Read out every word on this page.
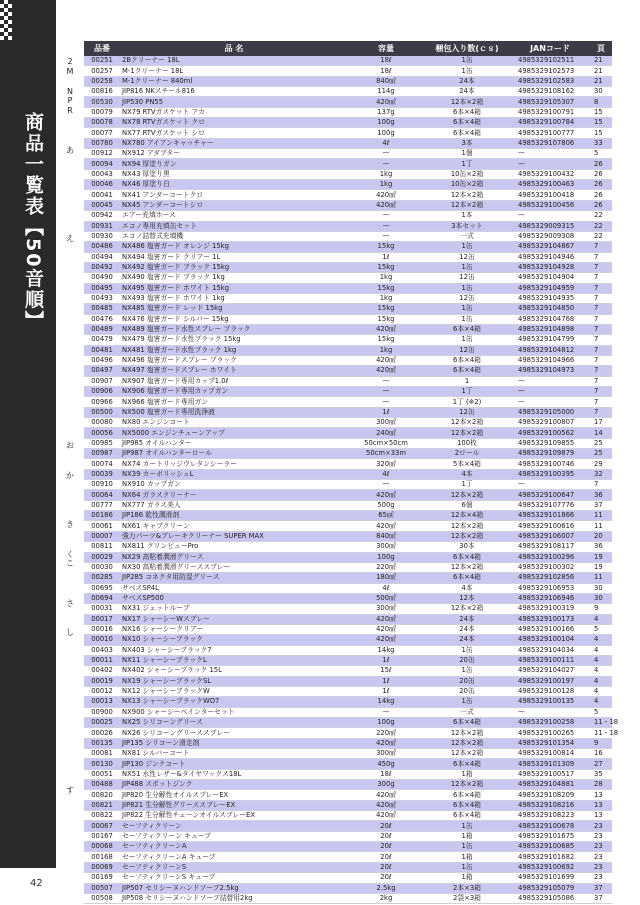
商品一覧表【50音順】
2
M
N
P
R
あ
え
お
か
き
く
こ
さ
し
す
品番	品 名	容量	梱包入り数(ｃｓ)	JANコード	頁
00251	2Bクリーナー 18L	18ℓ	1缶	4985329102511	21
00257	M-1クリーナー 18L	18ℓ	1缶	4985329102573	21
00258	M-1クリーナー 840ml	840㎖	24本	4985329102583	21
00816	JIP816 NKスチール816	114g	24本	4985329108162	30
00530	JIP530 PN55	420㎖	12本×2箱	4985329105307	8
00079	NX79 RTVガスケット アカ	137g	6本×4箱	4985329100791	15
00078	NX78 RTVガスケット クロ	100g	6本×4箱	4985329100784	15
00077	NX77 RTVガスケット シロ	100g	6本×4箱	4985329100777	15
00780	NX780 アイアンキャッチャー	4ℓ	3本	4985329107806	33
00912	NX912 アダプター	—	1個	—	5
00094	NX94 厚塗りガン	—	1丁	—	26
00043	NX43 厚塗り黒	1kg	10缶×2箱	4985329100432	26
00046	NX46 厚塗り白	1kg	10缶×2箱	4985329100463	26
00041	NX41 アンダーコートクロ	420㎖	12本×2箱	4985329100418	26
00045	NX45 アンダーコートシロ	420㎖	12本×2箱	4985329100456	26
00942	エアー充填ホース	—	1本	—	22
00931	エコノ専用充填缶セット	—	3本セット	4985329009315	22
00930	エコノ詰替式充填機	—	一式	4985329009308	22
00486	NX486 塩害ガード オレンジ 15kg	15kg	1缶	4985329104867	7
00494	NX494 塩害ガード クリアー 1L	1ℓ	12缶	4985329104946	7
00492	NX492 塩害ガード ブラック 15kg	15kg	1缶	4985329104928	7
00490	NX490 塩害ガード ブラック 1kg	1kg	12缶	4985329104904	7
00495	NX495 塩害ガード ホワイト 15kg	15kg	1缶	4985329104959	7
00493	NX493 塩害ガード ホワイト 1kg	1kg	12缶	4985329104935	7
00485	NX485 塩害ガード レッド 15kg	15kg	1缶	4985329104850	7
00476	NX476 塩害ガード シルバー 15kg	15kg	1缶	4985329104768	7
00489	NX489 塩害ガード水性スプレー ブラック	420㎖	6本×4箱	4985329104898	7
00479	NX479 塩害ガード水性ブラック 15kg	15kg	1缶	4985329104799	7
00481	NX481 塩害ガード水性ブラック 1kg	1kg	12缶	4985329104812	7
00496	NX496 塩害ガードスプレー ブラック	420㎖	6本×4箱	4985329104966	7
00497	NX497 塩害ガードスプレー ホワイト	420㎖	6本×4箱	4985329104973	7
00907	NX907 塩害ガード専用カップ1.0ℓ	—	1	—	7
00906	NX906 塩害ガード専用カップガン	—	1丁	—	7
00966	NX966 塩害ガード専用ガン	—	1丁 (※2)	—	7
00500	NX500 塩害ガード専用洗浄液	1ℓ	12缶	4985329105000	7
00080	NX80 エンジンコート	300㎖	12本×2箱	4985329100807	17
00056	NX5000 エンジンチューンアップ	240㎖	12本×2箱	4985329100562	14
00985	JIP985 オイルハンター	50cm×50cm	100枚	4985329109855	25
00987	JIP987 オイルハンターロール	50cm×33m	2ロール	4985329109879	25
00074	NX74 カートリッジウレタンシーラー	320㎖	5本×4箱	4985329100746	29
00039	NX39 カーボリッシュL	4ℓ	4本	4985329100395	32
00910	NX910 カップガン	—	1丁	—	7
00064	NX64 ガラスクリーナー	420㎖	12本×2箱	4985329100647	36
00777	NX777 ガラス美人	500g	6個	4985329107776	37
00186	JIP186 乾性潤滑剤	65㎖	12本×4箱	4985329101866	11
00061	NX61 キャブクリーン	420㎖	12本×2箱	4985329100616	11
00007	強力パーツ&ブレーキクリーナー SUPER MAX	840㎖	12本×2箱	4985329106007	20
00811	NX811 クリンピューPro	300㎖	30本	4985329108117	36
00029	NX29 高粘着潤滑グリース	100g	6本×4箱	4985329100296	19
00030	NX30 高粘着潤滑グリーススプレー	220㎖	12本×2箱	4985329100302	19
00285	JIP285 コネクタ用防湿グリース	180㎖	6本×4箱	4985329102856	11
00695	サベスSP4L	4ℓ	4本	4985329106953	30
00694	サベスSP500	500㎖	12本	4985329106946	30
00031	NX31 ジェットルーブ	300㎖	12本×2箱	4985329100319	9
00017	NX17 シャーシーWスプレー	420㎖	24本	4985329100173	4
00016	NX16 シャーシークリアー	420㎖	24本	4985329100166	5
00010	NX10 シャーシーブラック	420㎖	24本	4985329100104	4
00403	NX403 シャーシーブラック7	14kg	1缶	4985329104034	4
00011	NX11 シャーシーブラックL	1ℓ	20缶	4985329100111	4
00402	NX402 シャーシーブラック 15L	15ℓ	1缶	4985329104027	4
00019	NX19 シャーシーブラックSL	1ℓ	20缶	4985329100197	4
00012	NX12 シャーシーブラックW	1ℓ	20缶	4985329100128	4
00013	NX13 シャーシーブラックWO7	14kg	1缶	4985329100135	4
00900	NX900 シャーシーペインターセット	—	一式	—	5
00025	NX25 シリコーングリース	100g	6本×4箱	4985329100258	11・18
00026	NX26 シリコーングリーススプレー	220㎖	12本×2箱	4985329100265	11・18
00135	JIP135 シリコーン滑走剤	420㎖	12本×2箱	4985329101354	9
00081	NX81 シルバーコート	300㎖	12本×2箱	4985329100814	16
00130	JIP130 ジンクコート	450g	6本×4箱	4985329101309	27
00051	NX51 水性レザー&タイヤワックス18L	18ℓ	1箱	4985329100517	35
00488	JIP488 スポットジンク	300g	12本×2箱	4985329104881	28
00820	JIP820 生分解性オイルスプレーEX	420㎖	6本×4箱	4985329108209	13
00821	JIP821 生分解性グリーススプレーEX	420㎖	6本×4箱	4985329108216	13
00822	JIP822 生分解性チェーンオイルスプレーEX	420㎖	6本×4箱	4985329108223	13
00067	セーフティクリーン	20ℓ	1缶	4985329100678	23
00167	セーフティクリーン キューブ	20ℓ	1箱	4985329101675	23
00068	セーフティクリーンA	20ℓ	1缶	4985329100685	23
00168	セーフティクリーンA キューブ	20ℓ	1箱	4985329101682	23
00069	セーフティクリーンS	20ℓ	1缶	4985329100692	23
00169	セーフティクリーンS キューブ	20ℓ	1箱	4985329101699	23
00507	JIP507 セリシーヌハンドソープ2.5kg	2.5kg	2本×3箱	4985329105079	37
00508	JIP508 セリシーヌハンドソープ詰替用2kg	2kg	2袋×3箱	4985329105086	37
42
